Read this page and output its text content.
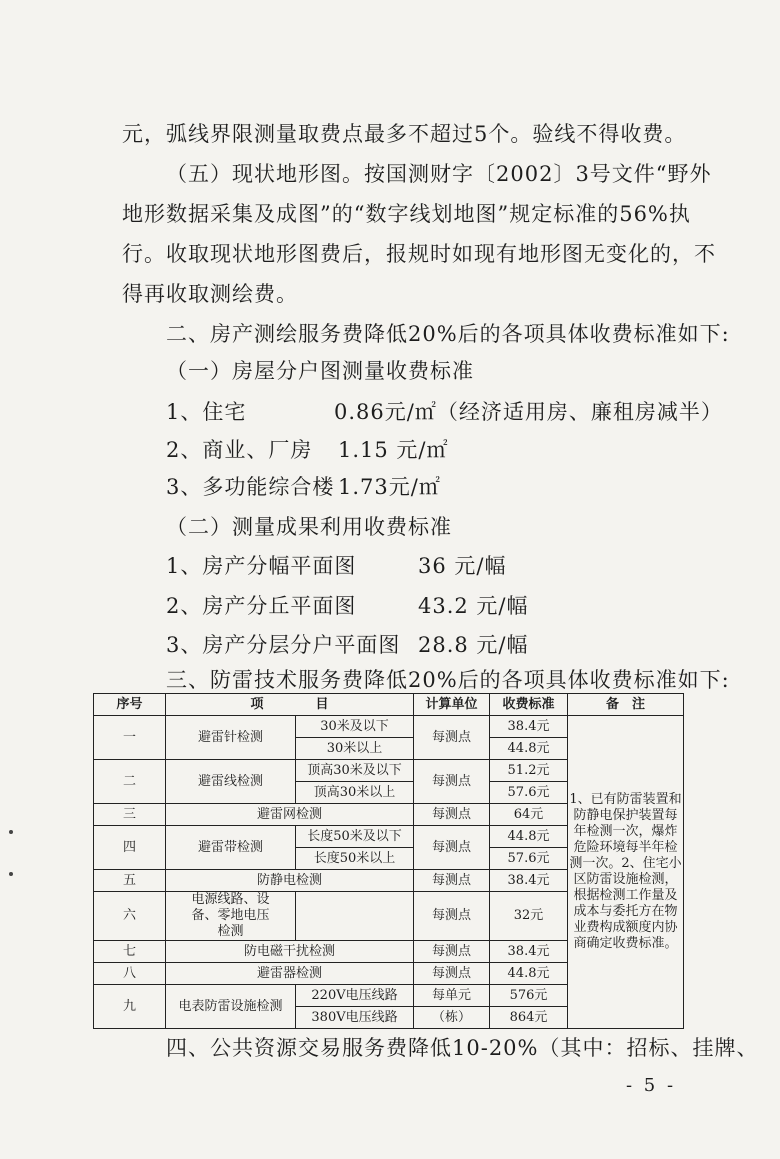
元，弧线界限测量取费点最多不超过5个。验线不得收费。
（五）现状地形图。按国测财字〔2002〕3号文件“野外
地形数据采集及成图”的“数字线划地图”规定标准的56%执
行。收取现状地形图费后，报规时如现有地形图无变化的，不
得再收取测绘费。
二、房产测绘服务费降低20%后的各项具体收费标准如下:
（一）房屋分户图测量收费标准
1、住宅	0.86元/㎡（经济适用房、廉租房减半）
2、商业、厂房 1.15 元/㎡
3、多功能综合楼 1.73元/㎡
（二）测量成果利用收费标准
1、房产分幅平面图	36 元/幅
2、房产分丘平面图	43.2 元/幅
3、房产分层分户平面图 28.8 元/幅
三、防雷技术服务费降低20%后的各项具体收费标准如下:
序号	项　　　　目		计算单位	收费标准	备　注
一	避雷针检测	30米及以下	每测点	38.4元	1、已有防雷装置和防静电保护装置每年检测一次，爆炸危险环境每半年检测一次。2、住宅小区防雷设施检测，根据检测工作量及成本与委托方在物业费构成额度内协商确定收费标准。
		30米以上		44.8元	
二	避雷线检测	顶高30米及以下	每测点	51.2元	
		顶高30米以上		57.6元	
三	避雷网检测		每测点	64元	
四	避雷带检测	长度50米及以下	每测点	44.8元	
		长度50米以上		57.6元	
五	防静电检测		每测点	38.4元	
六	电源线路、设备、零地电压检测		每测点	32元	
七	防电磁干扰检测		每测点	38.4元	
八	避雷器检测		每测点	44.8元	
九	电表防雷设施检测	220V电压线路	每单元	576元	
		380V电压线路	（栋）	864元	
四、公共资源交易服务费降低10-20%（其中：招标、挂牌、
- 5 -
